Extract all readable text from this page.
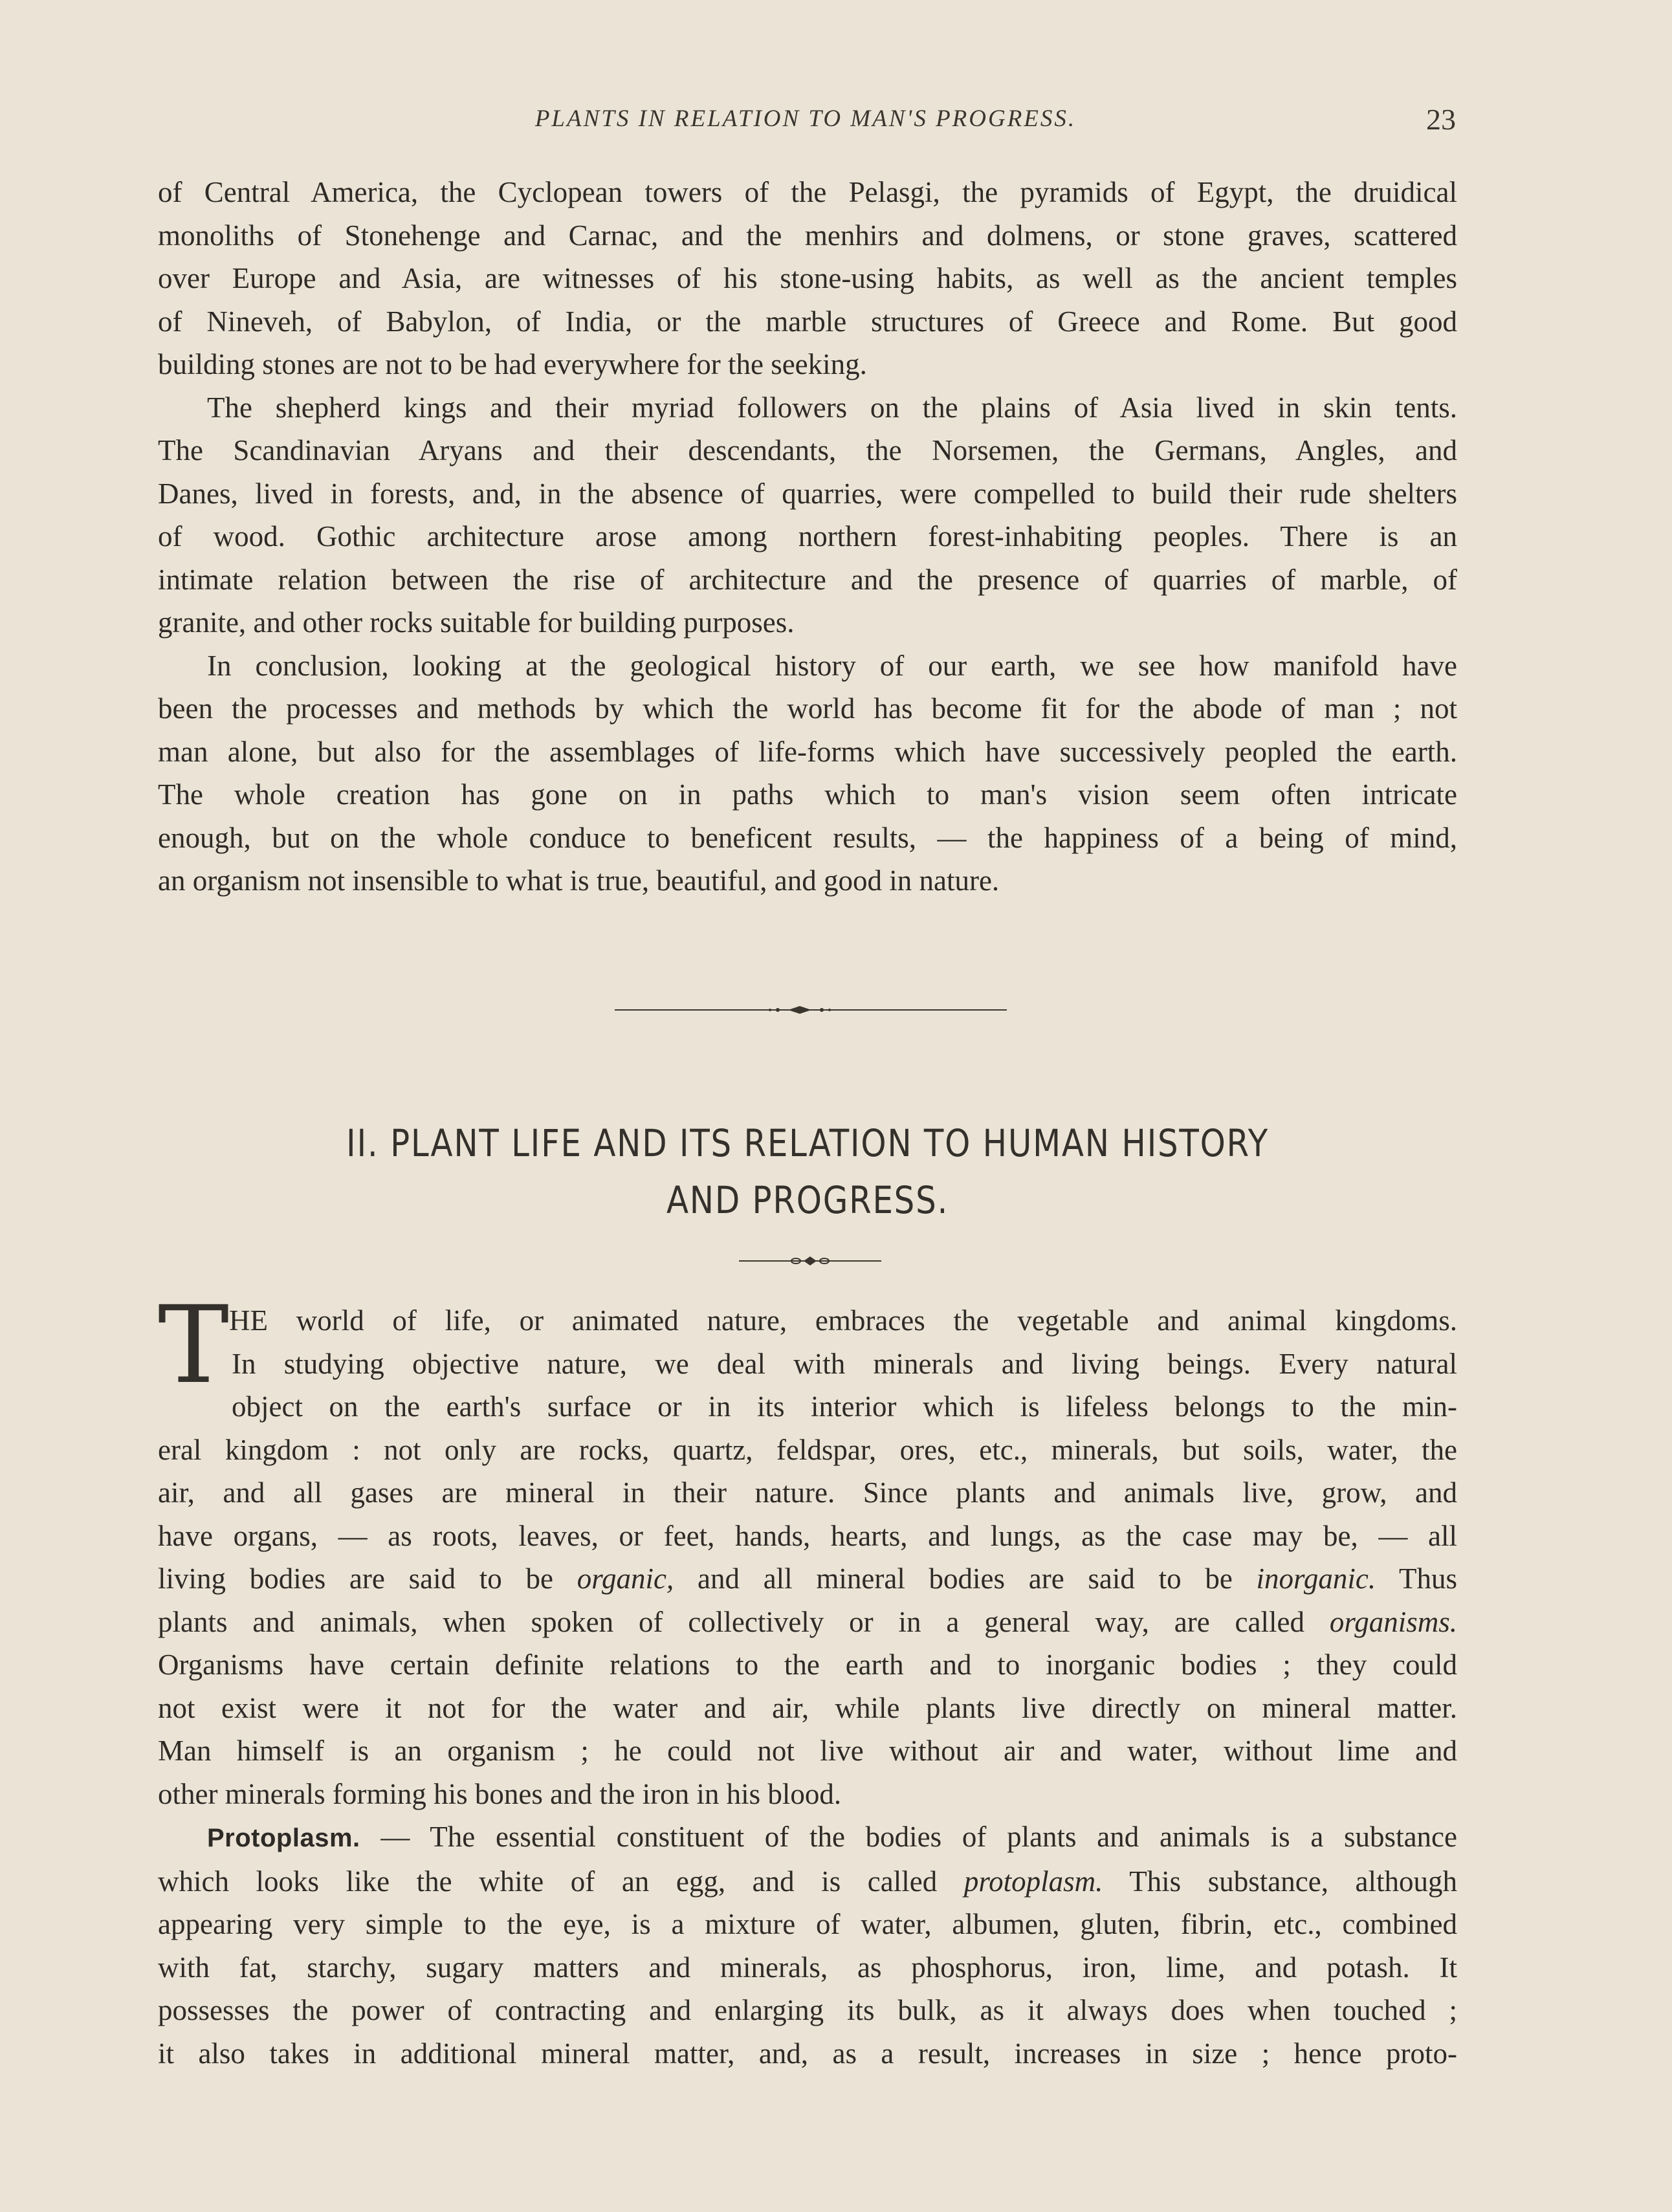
PLANTS IN RELATION TO MAN'S PROGRESS.	23

of Central America, the Cyclopean towers of the Pelasgi, the pyramids of Egypt, the druidical

monoliths of Stonehenge and Carnac, and the menhirs and dolmens, or stone graves, scattered

over Europe and Asia, are witnesses of his stone-using habits, as well as the ancient temples

of Nineveh, of Babylon, of India, or the marble structures of Greece and Rome. But good

building stones are not to be had everywhere for the seeking.

The shepherd kings and their myriad followers on the plains of Asia lived in skin tents.

The Scandinavian Aryans and their descendants, the Norsemen, the Germans, Angles, and

Danes, lived in forests, and, in the absence of quarries, were compelled to build their rude shelters

of wood. Gothic architecture arose among northern forest-inhabiting peoples. There is an

intimate relation between the rise of architecture and the presence of quarries of marble, of

granite, and other rocks suitable for building purposes.

In conclusion, looking at the geological history of our earth, we see how manifold have

been the processes and methods by which the world has become fit for the abode of man ; not

man alone, but also for the assemblages of life-forms which have successively peopled the earth.

The whole creation has gone on in paths which to man's vision seem often intricate

enough, but on the whole conduce to beneficent results, — the happiness of a being of mind,

an organism not insensible to what is true, beautiful, and good in nature.

II. PLANT LIFE AND ITS RELATION TO HUMAN HISTORY
AND PROGRESS.
T HE world of life, or animated nature, embraces the vegetable and animal kingdoms.
In studying objective nature, we deal with minerals and living beings. Every natural
object on the earth's surface or in its interior which is lifeless belongs to the min-
eral kingdom : not only are rocks, quartz, feldspar, ores, etc., minerals, but soils, water, the
air, and all gases are mineral in their nature. Since plants and animals live, grow, and
have organs, — as roots, leaves, or feet, hands, hearts, and lungs, as the case may be, — all
living bodies are said to be organic, and all mineral bodies are said to be inorganic. Thus
plants and animals, when spoken of collectively or in a general way, are called organisms.
Organisms have certain definite relations to the earth and to inorganic bodies ; they could
not exist were it not for the water and air, while plants live directly on mineral matter.
Man himself is an organism ; he could not live without air and water, without lime and
other minerals forming his bones and the iron in his blood.
Protoplasm. — The essential constituent of the bodies of plants and animals is a substance
which looks like the white of an egg, and is called protoplasm. This substance, although
appearing very simple to the eye, is a mixture of water, albumen, gluten, fibrin, etc., combined
with fat, starchy, sugary matters and minerals, as phosphorus, iron, lime, and potash. It
possesses the power of contracting and enlarging its bulk, as it always does when touched ;
it also takes in additional mineral matter, and, as a result, increases in size ; hence proto-
